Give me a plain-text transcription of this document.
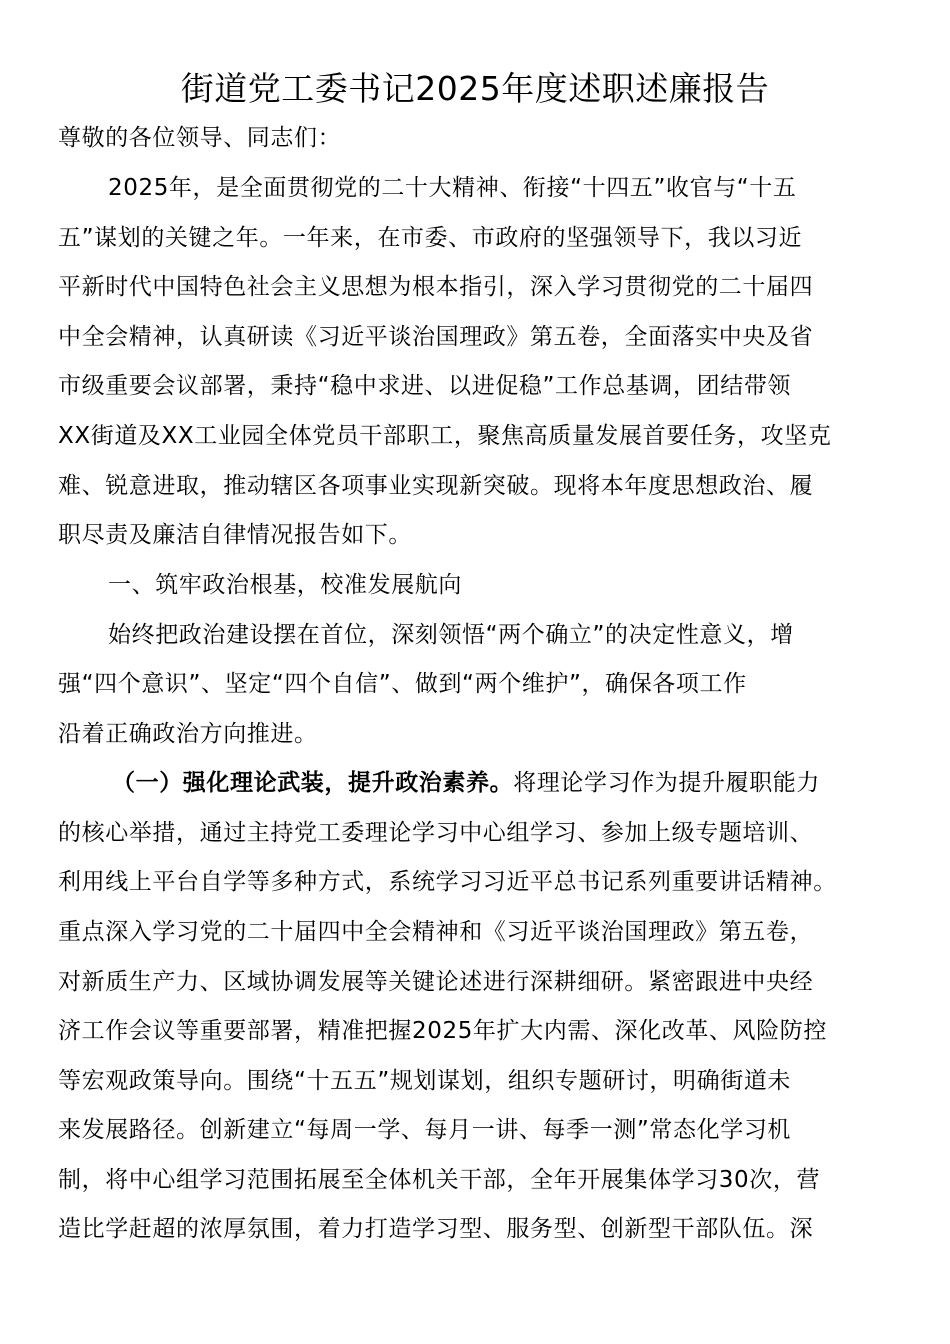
街道党工委书记2025年度述职述廉报告
尊敬的各位领导、同志们：
2025年，是全面贯彻党的二十大精神、衔接“十四五”收官与“十五
五”谋划的关键之年。一年来，在市委、市政府的坚强领导下，我以习近
平新时代中国特色社会主义思想为根本指引，深入学习贯彻党的二十届四
中全会精神，认真研读《习近平谈治国理政》第五卷，全面落实中央及省
市级重要会议部署，秉持“稳中求进、以进促稳”工作总基调，团结带领
XX街道及XX工业园全体党员干部职工，聚焦高质量发展首要任务，攻坚克
难、锐意进取，推动辖区各项事业实现新突破。现将本年度思想政治、履
职尽责及廉洁自律情况报告如下。
一、筑牢政治根基，校准发展航向
始终把政治建设摆在首位，深刻领悟“两个确立”的决定性意义，增
强“四个意识”、坚定“四个自信”、做到“两个维护”，确保各项工作
沿着正确政治方向推进。
（一）强化理论武装，提升政治素养。将理论学习作为提升履职能力
的核心举措，通过主持党工委理论学习中心组学习、参加上级专题培训、
利用线上平台自学等多种方式，系统学习习近平总书记系列重要讲话精神。
重点深入学习党的二十届四中全会精神和《习近平谈治国理政》第五卷，
对新质生产力、区域协调发展等关键论述进行深耕细研。紧密跟进中央经
济工作会议等重要部署，精准把握2025年扩大内需、深化改革、风险防控
等宏观政策导向。围绕“十五五”规划谋划，组织专题研讨，明确街道未
来发展路径。创新建立“每周一学、每月一讲、每季一测”常态化学习机
制，将中心组学习范围拓展至全体机关干部，全年开展集体学习30次，营
造比学赶超的浓厚氛围，着力打造学习型、服务型、创新型干部队伍。深
